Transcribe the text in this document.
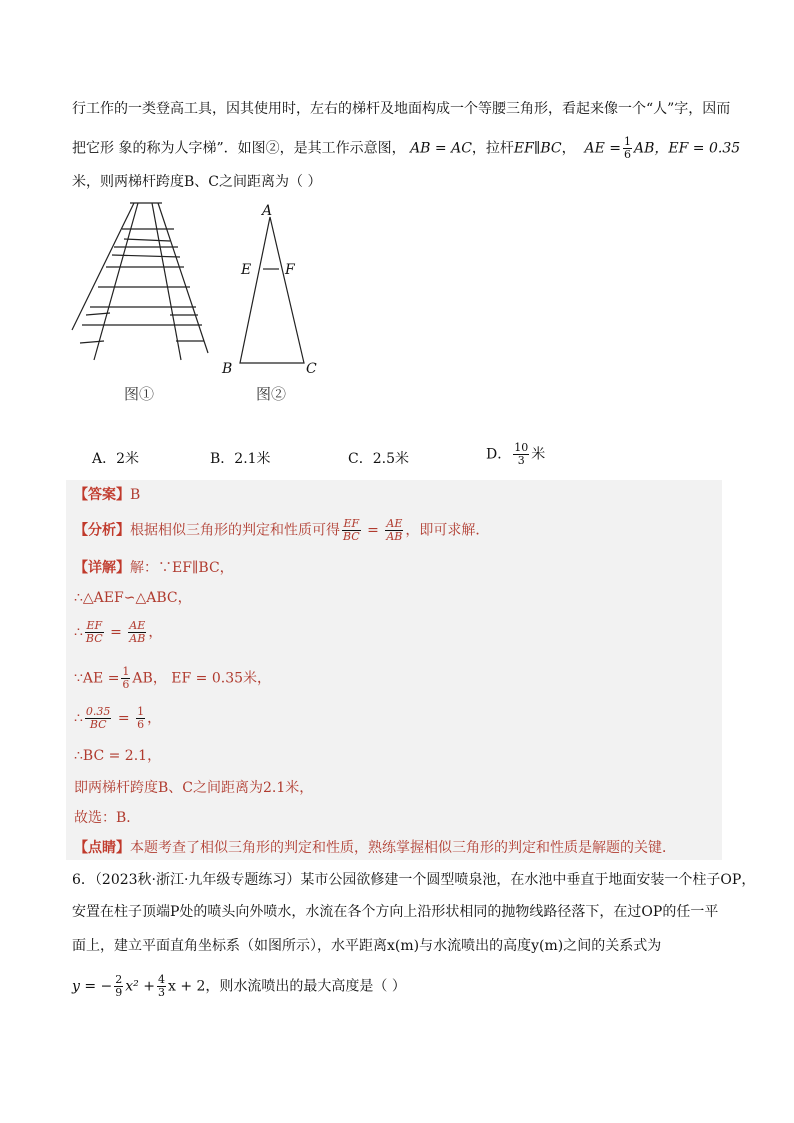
行工作的一类登高工具，因其使用时，左右的梯杆及地面构成一个等腰三角形，看起来像一个“人”字，因而
把它形 象的称为人字梯”．如图②，是其工作示意图， AB = AC，拉杆EF∥BC， AE = $\frac{1}{6}$ AB，EF = 0.35
米，则两梯杆跨度B、C之间距离为（ ）
A
E F
B	C
图①	图②
A．2米	B．2.1米	C．2.5米	D． $\frac{10}{3}$ 米
【答案】B
【分析】根据相似三角形的判定和性质可得 $\frac{EF}{BC} = \frac{AE}{AB}$ ，即可求解．
【详解】解：∵EF∥BC，
∴△AEF∽△ABC，
∴ $\frac{EF}{BC} = \frac{AE}{AB}$ ，
∵AE = $\frac{1}{6}$ AB， EF = 0.35米，
∴ $\frac{0.35}{BC} = \frac{1}{6}$ ，
∴BC = 2.1，
即两梯杆跨度B、C之间距离为2.1米，
故选：B．
【点睛】本题考查了相似三角形的判定和性质，熟练掌握相似三角形的判定和性质是解题的关键．
6．（2023秋·浙江·九年级专题练习）某市公园欲修建一个圆型喷泉池，在水池中垂直于地面安装一个柱子OP，
安置在柱子顶端P处的喷头向外喷水，水流在各个方向上沿形状相同的抛物线路径落下，在过OP的任一平
面上，建立平面直角坐标系（如图所示），水平距离x(m)与水流喷出的高度y(m)之间的关系式为
y = − $\frac{2}{9} x^2 + \frac{4}{3}$ x + 2，则水流喷出的最大高度是（ ）
